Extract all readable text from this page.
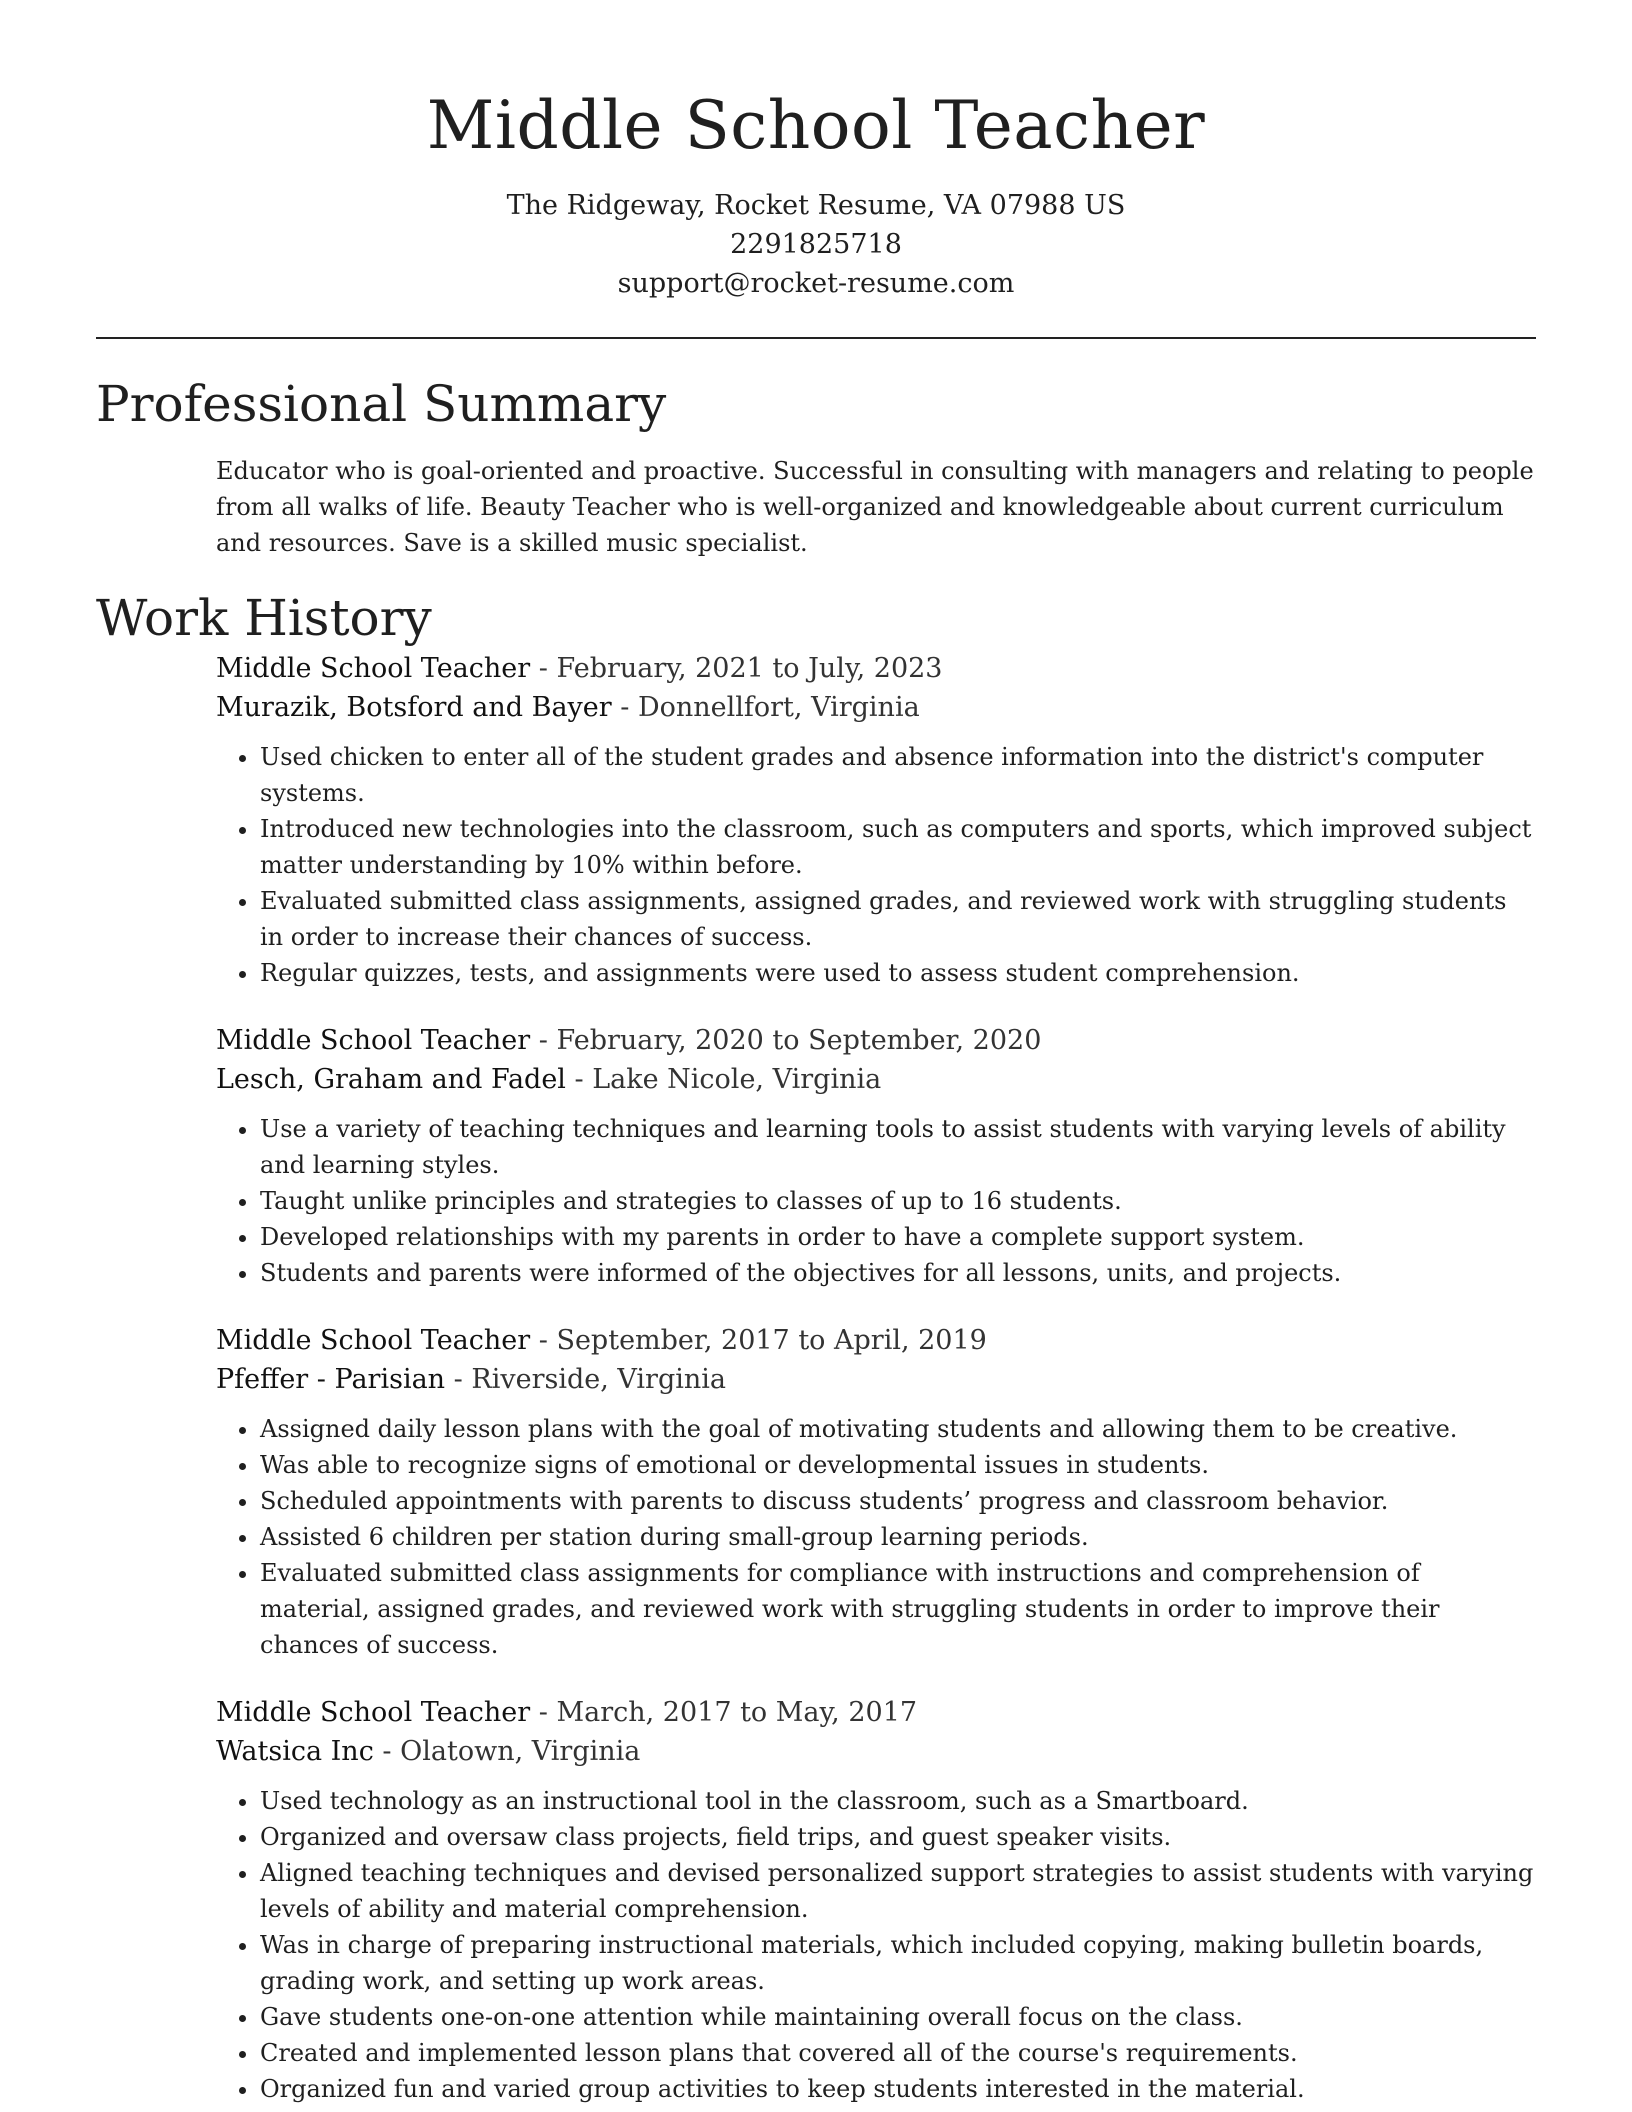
Middle School Teacher
The Ridgeway, Rocket Resume, VA 07988 US
2291825718
support@rocket-resume.com
Professional Summary

Educator who is goal-oriented and proactive. Successful in consulting with managers and relating to people from all walks of life. Beauty Teacher who is well-organized and knowledgeable about current curriculum and resources. Save is a skilled music specialist.

Work History
Middle School Teacher - February, 2021 to July, 2023
Murazik, Botsford and Bayer - Donnellfort, Virginia
• Used chicken to enter all of the student grades and absence information into the district's computer systems.
• Introduced new technologies into the classroom, such as computers and sports, which improved subject matter understanding by 10% within before.
• Evaluated submitted class assignments, assigned grades, and reviewed work with struggling students in order to increase their chances of success.
• Regular quizzes, tests, and assignments were used to assess student comprehension.
Middle School Teacher - February, 2020 to September, 2020
Lesch, Graham and Fadel - Lake Nicole, Virginia
• Use a variety of teaching techniques and learning tools to assist students with varying levels of ability and learning styles.
• Taught unlike principles and strategies to classes of up to 16 students.
• Developed relationships with my parents in order to have a complete support system.
• Students and parents were informed of the objectives for all lessons, units, and projects.
Middle School Teacher - September, 2017 to April, 2019
Pfeffer - Parisian - Riverside, Virginia
• Assigned daily lesson plans with the goal of motivating students and allowing them to be creative.
• Was able to recognize signs of emotional or developmental issues in students.
• Scheduled appointments with parents to discuss students’ progress and classroom behavior.
• Assisted 6 children per station during small-group learning periods.
• Evaluated submitted class assignments for compliance with instructions and comprehension of material, assigned grades, and reviewed work with struggling students in order to improve their chances of success.
Middle School Teacher - March, 2017 to May, 2017
Watsica Inc - Olatown, Virginia
• Used technology as an instructional tool in the classroom, such as a Smartboard.
• Organized and oversaw class projects, field trips, and guest speaker visits.
• Aligned teaching techniques and devised personalized support strategies to assist students with varying levels of ability and material comprehension.
• Was in charge of preparing instructional materials, which included copying, making bulletin boards, grading work, and setting up work areas.
• Gave students one-on-one attention while maintaining overall focus on the class.
• Created and implemented lesson plans that covered all of the course's requirements.
• Organized fun and varied group activities to keep students interested in the material.
